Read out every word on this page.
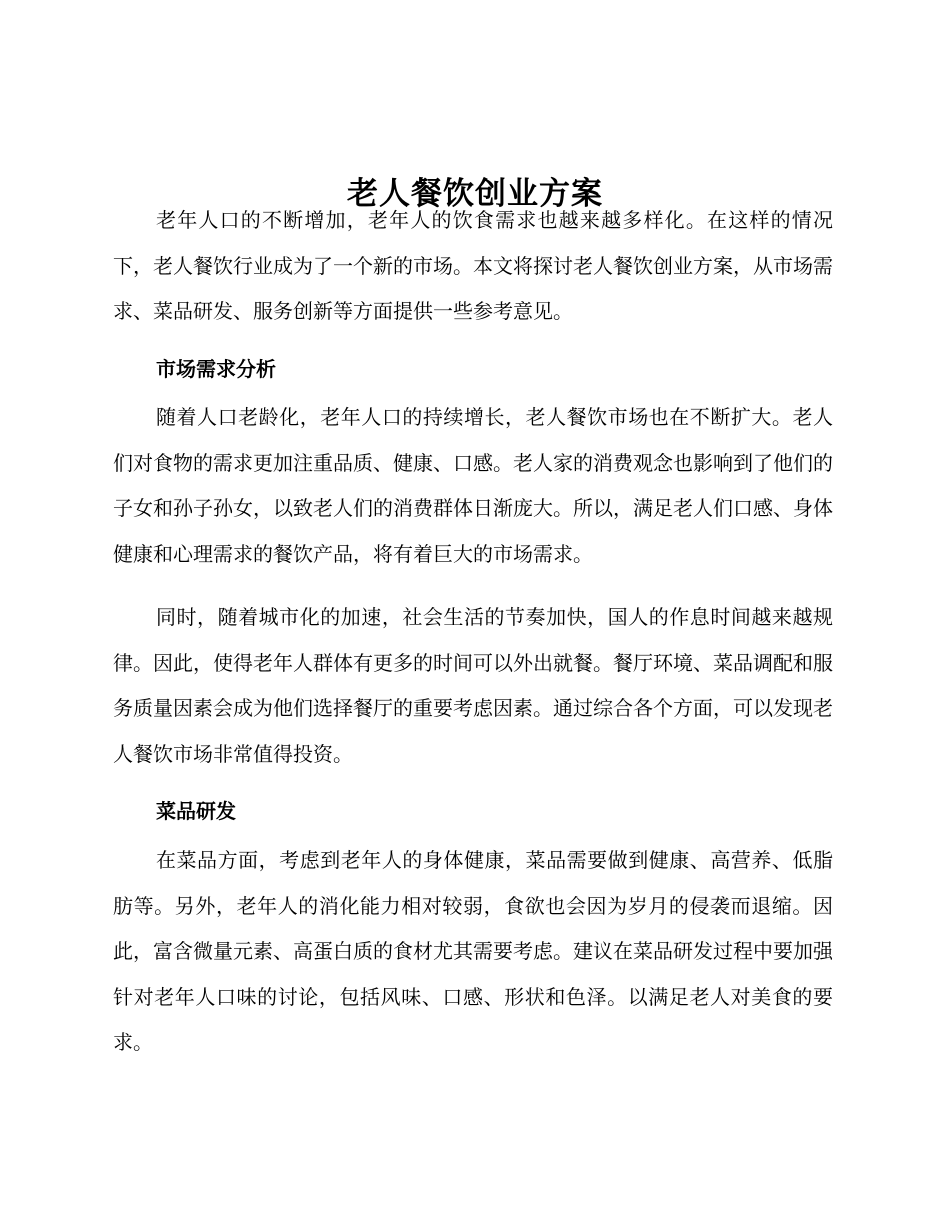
老人餐饮创业方案

老年人口的不断增加，老年人的饮食需求也越来越多样化。在这样的情况下，老人餐饮行业成为了一个新的市场。本文将探讨老人餐饮创业方案，从市场需求、菜品研发、服务创新等方面提供一些参考意见。

市场需求分析

随着人口老龄化，老年人口的持续增长，老人餐饮市场也在不断扩大。老人们对食物的需求更加注重品质、健康、口感。老人家的消费观念也影响到了他们的子女和孙子孙女，以致老人们的消费群体日渐庞大。所以，满足老人们口感、身体健康和心理需求的餐饮产品，将有着巨大的市场需求。

同时，随着城市化的加速，社会生活的节奏加快，国人的作息时间越来越规律。因此，使得老年人群体有更多的时间可以外出就餐。餐厅环境、菜品调配和服务质量因素会成为他们选择餐厅的重要考虑因素。通过综合各个方面，可以发现老人餐饮市场非常值得投资。

菜品研发

在菜品方面，考虑到老年人的身体健康，菜品需要做到健康、高营养、低脂肪等。另外，老年人的消化能力相对较弱，食欲也会因为岁月的侵袭而退缩。因此，富含微量元素、高蛋白质的食材尤其需要考虑。建议在菜品研发过程中要加强针对老年人口味的讨论，包括风味、口感、形状和色泽。以满足老人对美食的要求。
